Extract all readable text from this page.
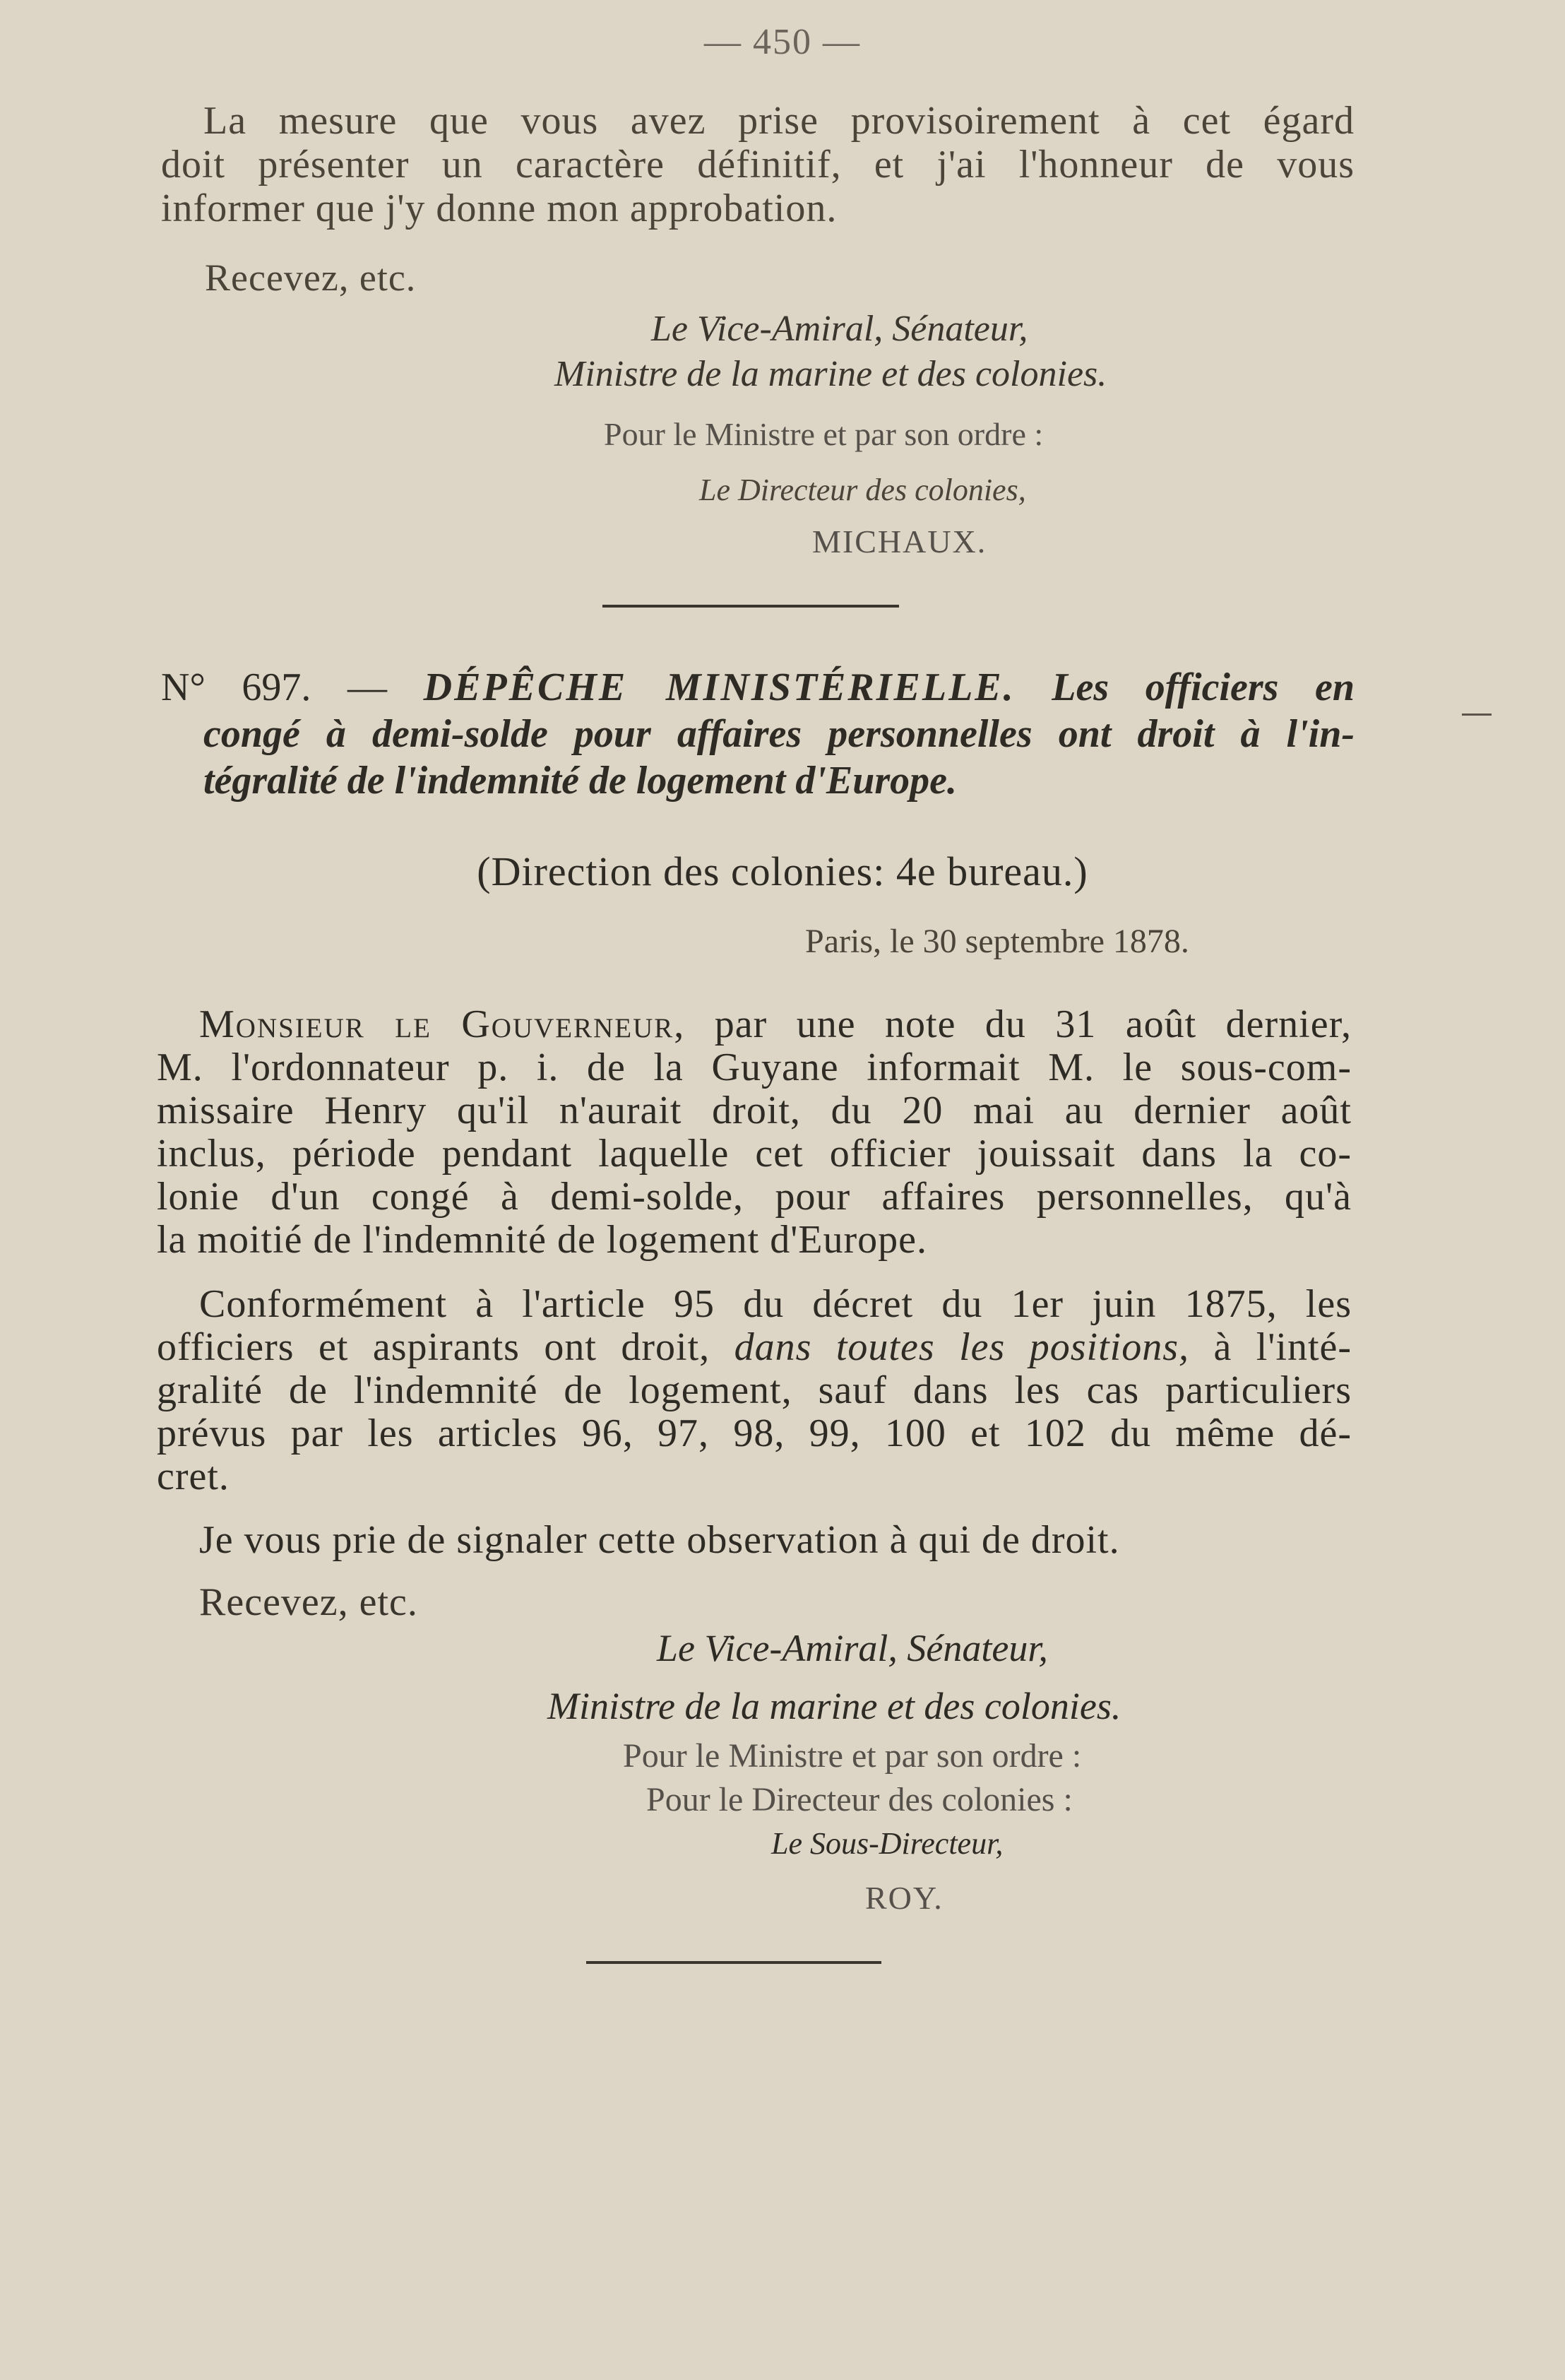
— 450 —

La mesure que vous avez prise provisoirement à cet égard
doit présenter un caractère définitif, et j'ai l'honneur de vous
informer que j'y donne mon approbation.

Recevez, etc.

Le Vice-Amiral, Sénateur,

Ministre de la marine et des colonies.

Pour le Ministre et par son ordre :

Le Directeur des colonies,

MICHAUX.

N° 697. — DÉPÊCHE MINISTÉRIELLE. Les officiers en
congé à demi-solde pour affaires personnelles ont droit à l'in-
tégralité de l'indemnité de logement d'Europe.

(Direction des colonies: 4e bureau.)

Paris, le 30 septembre 1878.

Monsieur le Gouverneur, par une note du 31 août dernier,
M. l'ordonnateur p. i. de la Guyane informait M. le sous-com-
missaire Henry qu'il n'aurait droit, du 20 mai au dernier août
inclus, période pendant laquelle cet officier jouissait dans la co-
lonie d'un congé à demi-solde, pour affaires personnelles, qu'à
la moitié de l'indemnité de logement d'Europe.
Conformément à l'article 95 du décret du 1er juin 1875, les
officiers et aspirants ont droit, dans toutes les positions, à l'inté-
gralité de l'indemnité de logement, sauf dans les cas particuliers
prévus par les articles 96, 97, 98, 99, 100 et 102 du même dé-
cret.

Je vous prie de signaler cette observation à qui de droit.

Recevez, etc.

Le Vice-Amiral, Sénateur,

Ministre de la marine et des colonies.

Pour le Ministre et par son ordre :

Pour le Directeur des colonies :

Le Sous-Directeur,

ROY.
